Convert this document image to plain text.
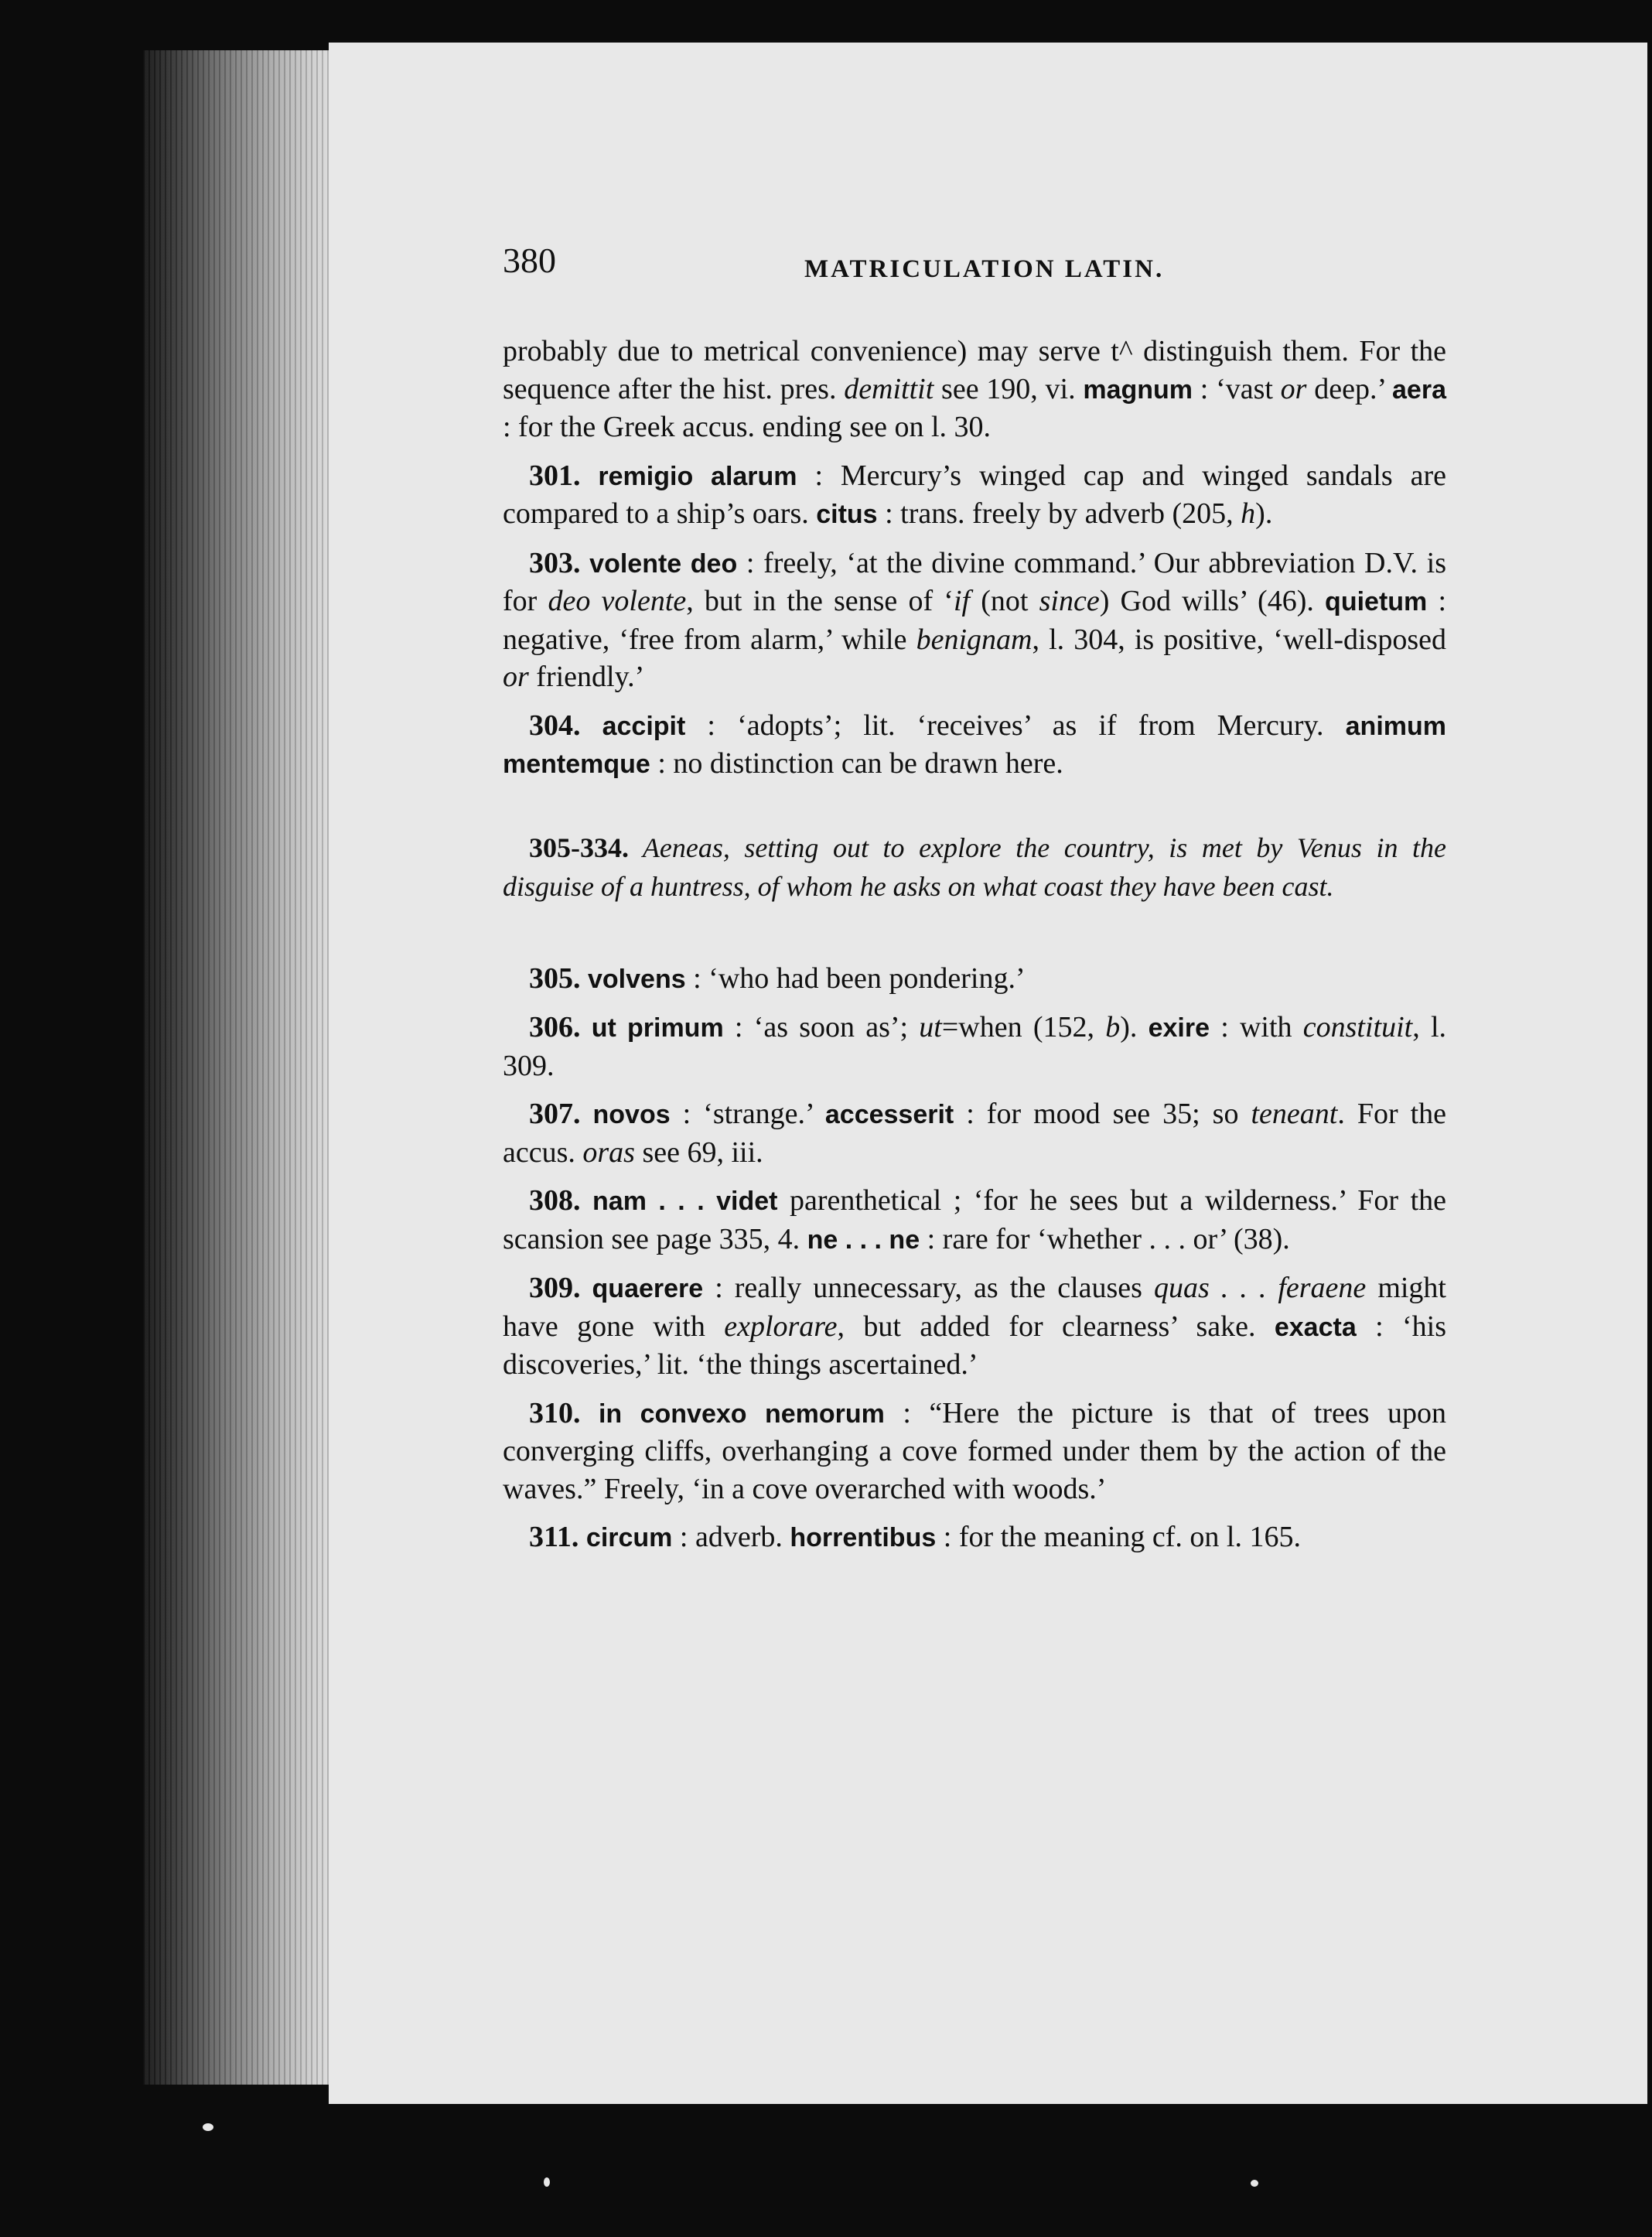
380	MATRICULATION LATIN.

probably due to metrical convenience) may serve t^ distinguish them. For the sequence after the hist. pres. demittit see 190, vi. magnum : ‘vast or deep.’ aera : for the Greek accus. ending see on l. 30.

301. remigio alarum : Mercury’s winged cap and winged sandals are compared to a ship’s oars. citus : trans. freely by adverb (205, h).

303. volente deo : freely, ‘at the divine command.’ Our abbreviation D.V. is for deo volente, but in the sense of ‘if (not since) God wills’ (46). quietum : negative, ‘free from alarm,’ while benignam, l. 304, is positive, ‘well-disposed or friendly.’

304. accipit : ‘adopts’; lit. ‘receives’ as if from Mercury. animum mentemque : no distinction can be drawn here.

305-334. Aeneas, setting out to explore the country, is met by Venus in the disguise of a huntress, of whom he asks on what coast they have been cast.

305. volvens : ‘who had been pondering.’

306. ut primum : ‘as soon as’; ut=when (152, b). exire : with constituit, l. 309.

307. novos : ‘strange.’ accesserit : for mood see 35; so teneant. For the accus. oras see 69, iii.

308. nam . . . videt parenthetical ; ‘for he sees but a wilderness.’ For the scansion see page 335, 4. ne . . . ne : rare for ‘whether . . . or’ (38).

309. quaerere : really unnecessary, as the clauses quas . . . feraene might have gone with explorare, but added for clearness’ sake. exacta : ‘his discoveries,’ lit. ‘the things ascertained.’

310. in convexo nemorum : “Here the picture is that of trees upon converging cliffs, overhanging a cove formed under them by the action of the waves.” Freely, ‘in a cove overarched with woods.’

311. circum : adverb. horrentibus : for the meaning cf. on l. 165.
